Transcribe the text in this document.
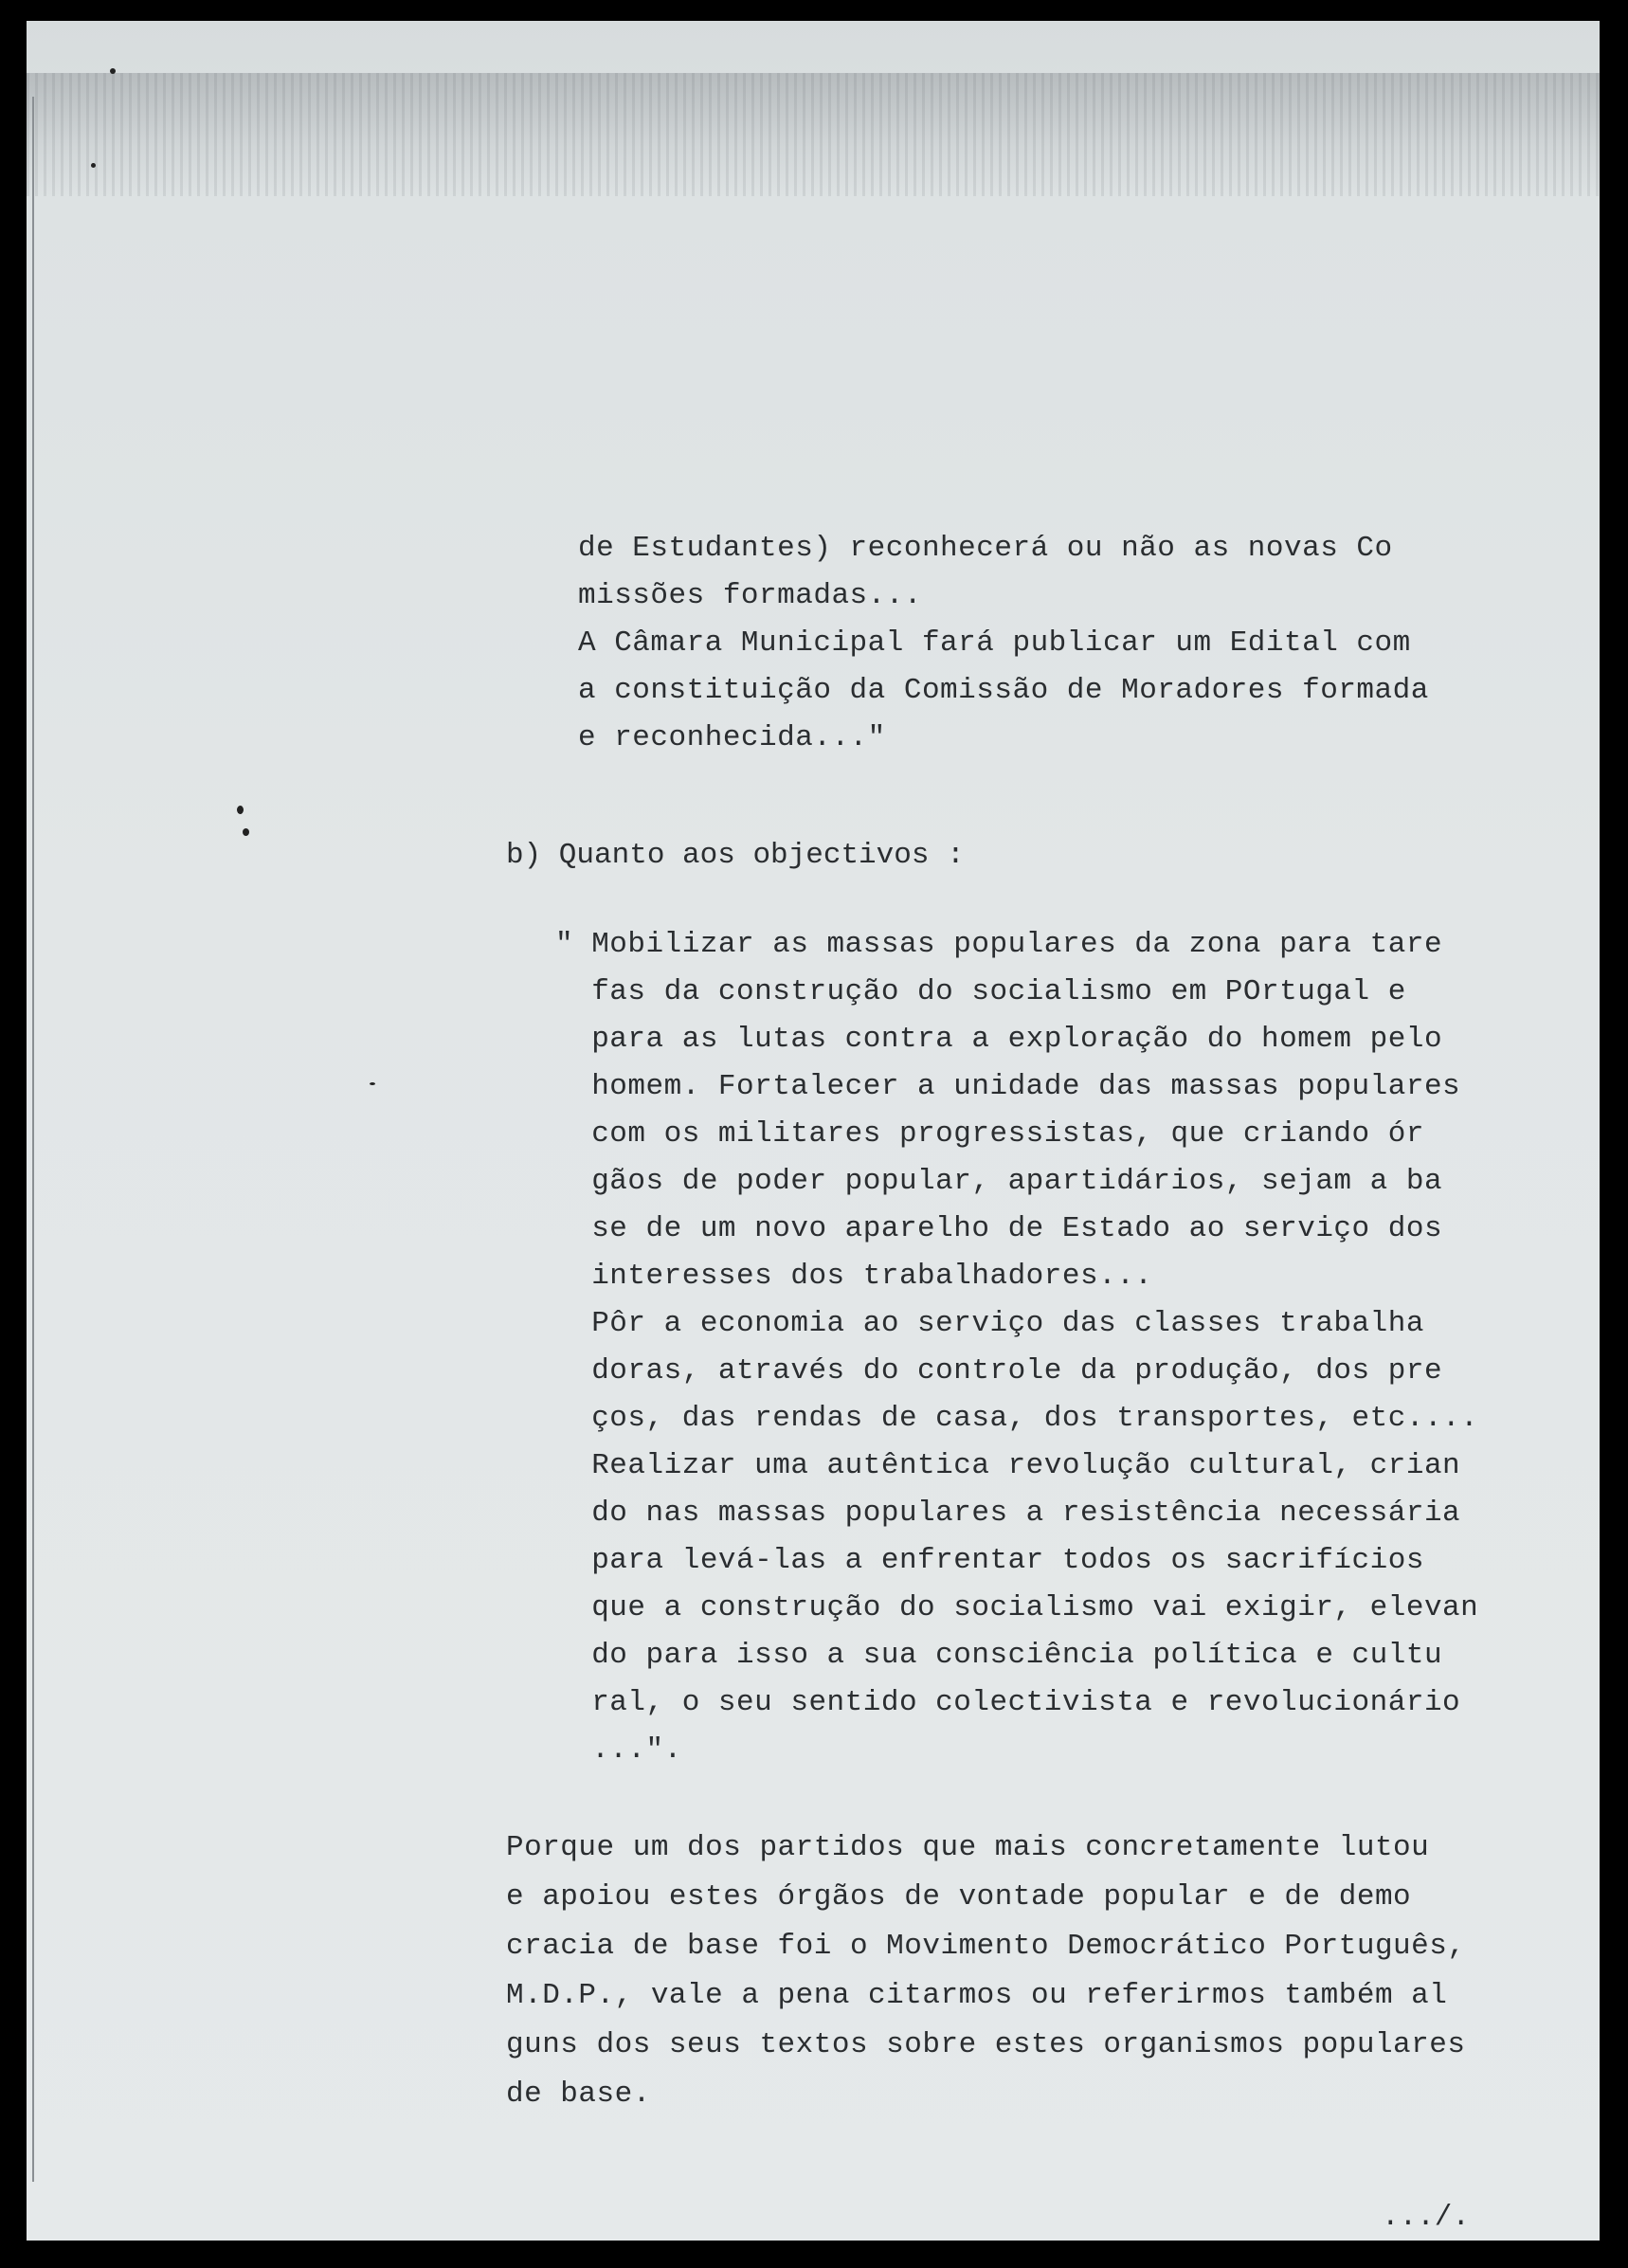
de Estudantes) reconhecerá ou não as novas Co
missões formadas...
A Câmara Municipal fará publicar um Edital com
a constituição da Comissão de Moradores formada
e reconhecida..."
b) Quanto aos objectivos :
" Mobilizar as massas populares da zona para tare
fas da construção do socialismo em POrtugal e
para as lutas contra a exploração do homem pelo
homem. Fortalecer a unidade das massas populares
com os militares progressistas, que criando ór
gãos de poder popular, apartidários, sejam a ba
se de um novo aparelho de Estado ao serviço dos
interesses dos trabalhadores...
Pôr a economia ao serviço das classes trabalha
doras, através do controle da produção, dos pre
ços, das rendas de casa, dos transportes, etc....
Realizar uma autêntica revolução cultural, crian
do nas massas populares a resistência necessária
para levá-las a enfrentar todos os sacrifícios
que a construção do socialismo vai exigir, elevan
do para isso a sua consciência política e cultu
ral, o seu sentido colectivista e revolucionário
...".
Porque um dos partidos que mais concretamente lutou
e apoiou estes órgãos de vontade popular e de demo
cracia de base foi o Movimento Democrático Português,
M.D.P., vale a pena citarmos ou referirmos também al
guns dos seus textos sobre estes organismos populares
de base.
.../.
